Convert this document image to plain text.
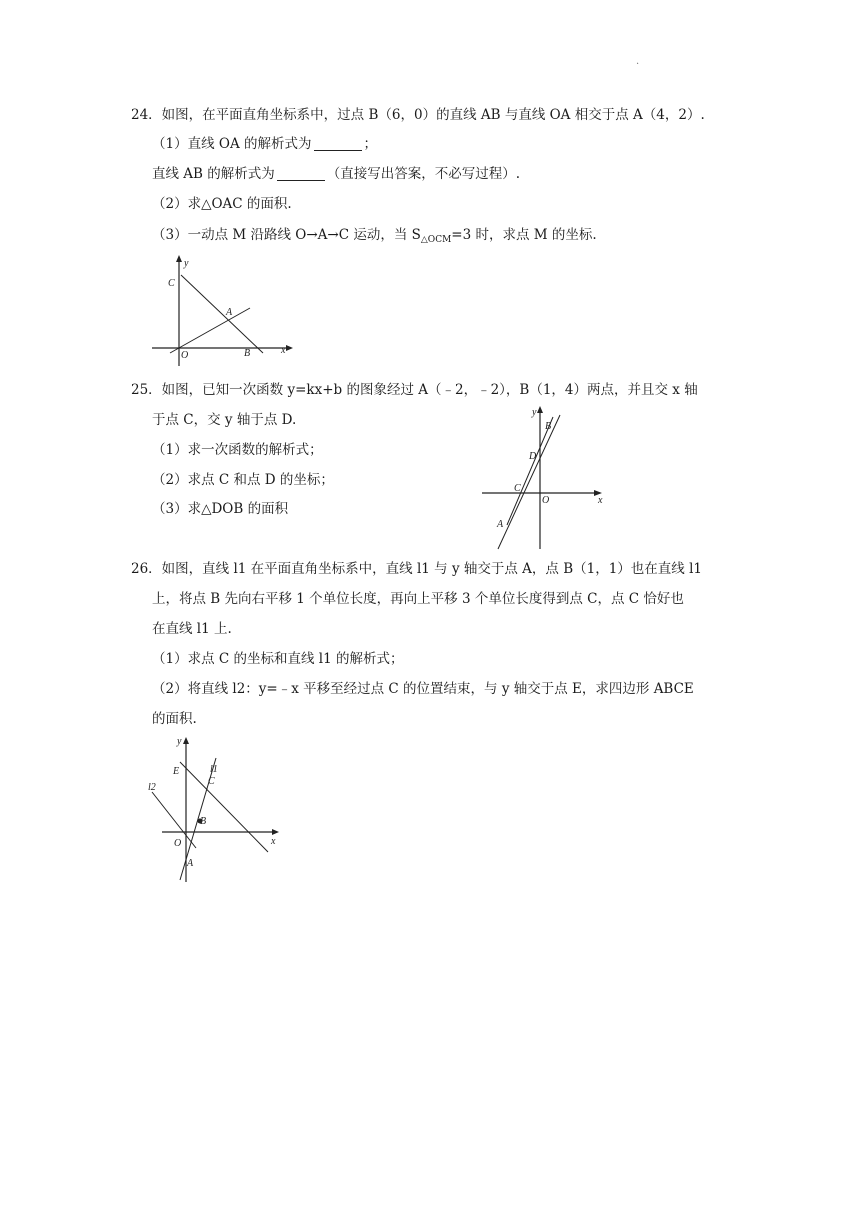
.
24．如图，在平面直角坐标系中，过点 B（6，0）的直线 AB 与直线 OA 相交于点 A（4，2）.
（1）直线 OA 的解析式为	；
直线 AB 的解析式为	（直接写出答案，不必写过程）.
（2）求△OAC 的面积.
（3）一动点 M 沿路线 O→A→C 运动，当 $S_{\triangle OCM}=3$ 时，求点 M 的坐标.
y
x
C
A
O	B
25．如图，已知一次函数 y=kx+b 的图象经过 A（﹣2，﹣2），B（1，4）两点，并且交 x 轴
于点 C，交 y 轴于点 D.
（1）求一次函数的解析式；
（2）求点 C 和点 D 的坐标；
（3）求△DOB 的面积
y
x
B
D
C
O
A
26．如图，直线 l1 在平面直角坐标系中，直线 l1 与 y 轴交于点 A，点 B（1，1）也在直线 l1
上，将点 B 先向右平移 1 个单位长度，再向上平移 3 个单位长度得到点 C，点 C 恰好也
在直线 l1 上.
（1）求点 C 的坐标和直线 l1 的解析式；
（2）将直线 l2：y=﹣x 平移至经过点 C 的位置结束，与 y 轴交于点 E，求四边形 ABCE
的面积.
y
x
E	l1
C
l2
B
O
A
